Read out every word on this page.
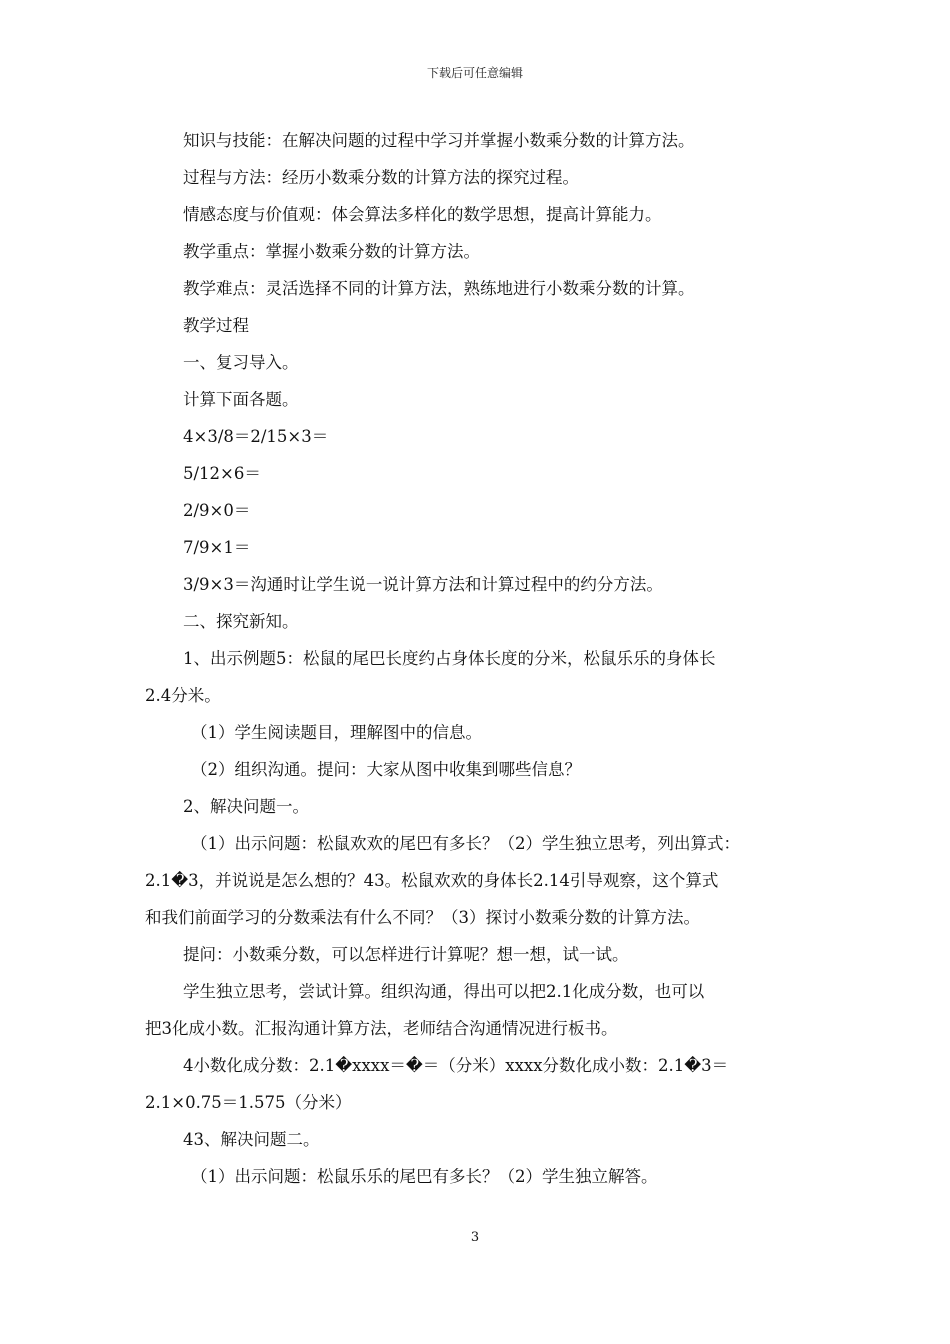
下载后可任意编辑
知识与技能：在解决问题的过程中学习并掌握小数乘分数的计算方法。
过程与方法：经历小数乘分数的计算方法的探究过程。
情感态度与价值观：体会算法多样化的数学思想，提高计算能力。
教学重点：掌握小数乘分数的计算方法。
教学难点：灵活选择不同的计算方法，熟练地进行小数乘分数的计算。
教学过程
一、复习导入。
计算下面各题。
4×3/8＝2/15×3＝
5/12×6＝
2/9×0＝
7/9×1＝
3/9×3＝沟通时让学生说一说计算方法和计算过程中的约分方法。
二、探究新知。
1、出示例题5：松鼠的尾巴长度约占身体长度的分米，松鼠乐乐的身体长
2.4分米。
（1）学生阅读题目，理解图中的信息。
（2）组织沟通。提问：大家从图中收集到哪些信息？
2、解决问题一。
（1）出示问题：松鼠欢欢的尾巴有多长？（2）学生独立思考，列出算式：
2.1�3，并说说是怎么想的？43。松鼠欢欢的身体长2.14引导观察，这个算式
和我们前面学习的分数乘法有什么不同？（3）探讨小数乘分数的计算方法。
提问：小数乘分数，可以怎样进行计算呢？想一想，试一试。
学生独立思考，尝试计算。组织沟通，得出可以把2.1化成分数，也可以
把3化成小数。汇报沟通计算方法，老师结合沟通情况进行板书。
4小数化成分数：2.1�xxxx＝�＝（分米）xxxx分数化成小数：2.1�3＝
2.1×0.75＝1.575（分米）
43、解决问题二。
（1）出示问题：松鼠乐乐的尾巴有多长？（2）学生独立解答。
3
